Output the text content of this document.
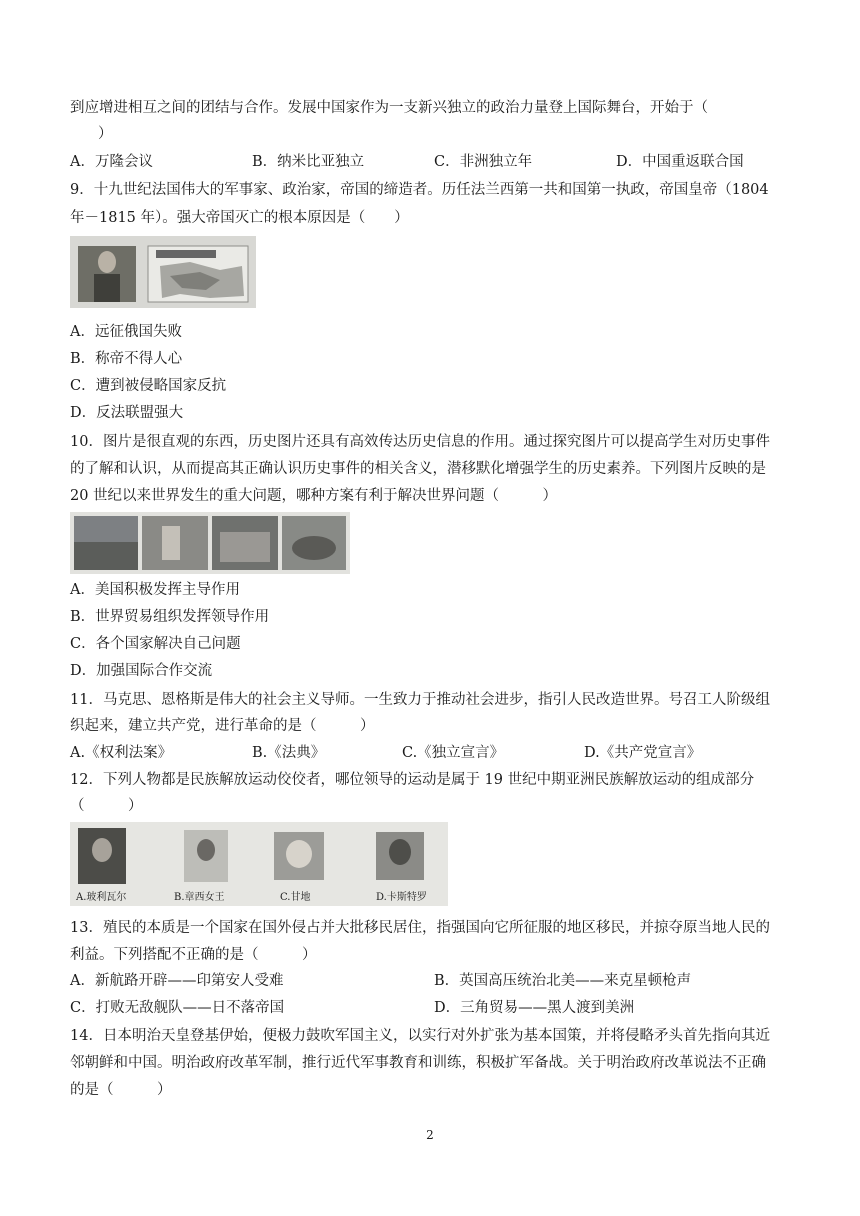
到应增进相互之间的团结与合作。发展中国家作为一支新兴独立的政治力量登上国际舞台，开始于（
）
A．万隆会议	B．纳米比亚独立	C．非洲独立年	D．中国重返联合国
9．十九世纪法国伟大的军事家、政治家，帝国的缔造者。历任法兰西第一共和国第一执政，帝国皇帝（1804
年－1815 年）。强大帝国灭亡的根本原因是（　　）
A．远征俄国失败
B．称帝不得人心
C．遭到被侵略国家反抗
D．反法联盟强大
10．图片是很直观的东西，历史图片还具有高效传达历史信息的作用。通过探究图片可以提高学生对历史事件
的了解和认识，从而提高其正确认识历史事件的相关含义，潜移默化增强学生的历史素养。下列图片反映的是
20 世纪以来世界发生的重大问题，哪种方案有利于解决世界问题（　　　）
A．美国积极发挥主导作用
B．世界贸易组织发挥领导作用
C．各个国家解决自己问题
D．加强国际合作交流
11．马克思、恩格斯是伟大的社会主义导师。一生致力于推动社会进步，指引人民改造世界。号召工人阶级组
织起来，建立共产党，进行革命的是（　　　）
A.《权利法案》	B.《法典》	C.《独立宣言》	D.《共产党宣言》
12．下列人物都是民族解放运动佼佼者，哪位领导的运动是属于 19 世纪中期亚洲民族解放运动的组成部分
（　　　）
A.玻利瓦尔	B.章西女王	C.甘地	D.卡斯特罗
13．殖民的本质是一个国家在国外侵占并大批移民居住，指强国向它所征服的地区移民，并掠夺原当地人民的
利益。下列搭配不正确的是（　　　）
A．新航路开辟——印第安人受难	B．英国高压统治北美——来克星顿枪声
C．打败无敌舰队——日不落帝国	D．三角贸易——黑人渡到美洲
14．日本明治天皇登基伊始，便极力鼓吹军国主义，以实行对外扩张为基本国策，并将侵略矛头首先指向其近
邻朝鲜和中国。明治政府改革军制，推行近代军事教育和训练，积极扩军备战。关于明治政府改革说法不正确
的是（　　　）
2
